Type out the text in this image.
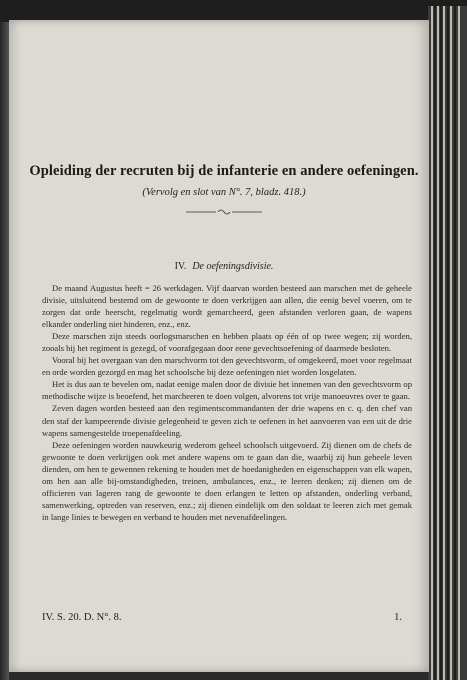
Opleiding der recruten bij de infanterie en andere oefeningen.
(Vervolg en slot van N°. 7, bladz. 418.)
IV. De oefeningsdivisie.

De maand Augustus heeft = 26 werkdagen. Vijf daarvan worden besteed aan marschen met de geheele divisie, uitsluitend bestemd om de gewoonte te doen verkrijgen aan allen, die eenig bevel voeren, om te zorgen dat orde heerscht, regelmatig wordt gemarcheerd, geen afstanden verloren gaan, de wapens elkander onderling niet hinderen, enz., enz.

Deze marschen zijn steeds oorlogsmarschen en hebben plaats op één of op twee wegen; zij worden, zooals bij het regiment is gezegd, of voorafgegaan door eene gevechtsoefening of daarmede besloten.

Vooral bij het overgaan van den marschvorm tot den gevechtsvorm, of omgekeerd, moet voor regelmaat en orde worden gezorgd en mag het schoolsche bij deze oefeningen niet worden losgelaten.

Het is dus aan te bevelen om, nadat eenige malen door de divisie het innemen van den gevechtsvorm op methodische wijze is beoefend, het marcheeren te doen volgen, alvorens tot vrije manoeuvres over te gaan.

Zeven dagen worden besteed aan den regimentscommandanten der drie wapens en c. q. den chef van den staf der kampeerende divisie gelegenheid te geven zich te oefenen in het aanvoeren van een uit de drie wapens samengestelde troepenafdeeling.

Deze oefeningen worden nauwkeurig wederom geheel schoolsch uitgevoerd. Zij dienen om de chefs de gewoonte te doen verkrijgen ook met andere wapens om te gaan dan die, waarbij zij hun geheele leven dienden, om hen te gewennen rekening te houden met de hoedanigheden en eigenschappen van elk wapen, om hen aan alle bij-omstandigheden, treinen, ambulances, enz., te leeren denken; zij dienen om de officieren van lageren rang de gewoonte te doen erlangen te letten op afstanden, onderling verband, samenwerking, optreden van reserven, enz.; zij dienen eindelijk om den soldaat te leeren zich met gemak in lange linies te bewegen en verband te houden met nevenafdeelingen.

IV. S. 20. D. N°. 8.	1.
